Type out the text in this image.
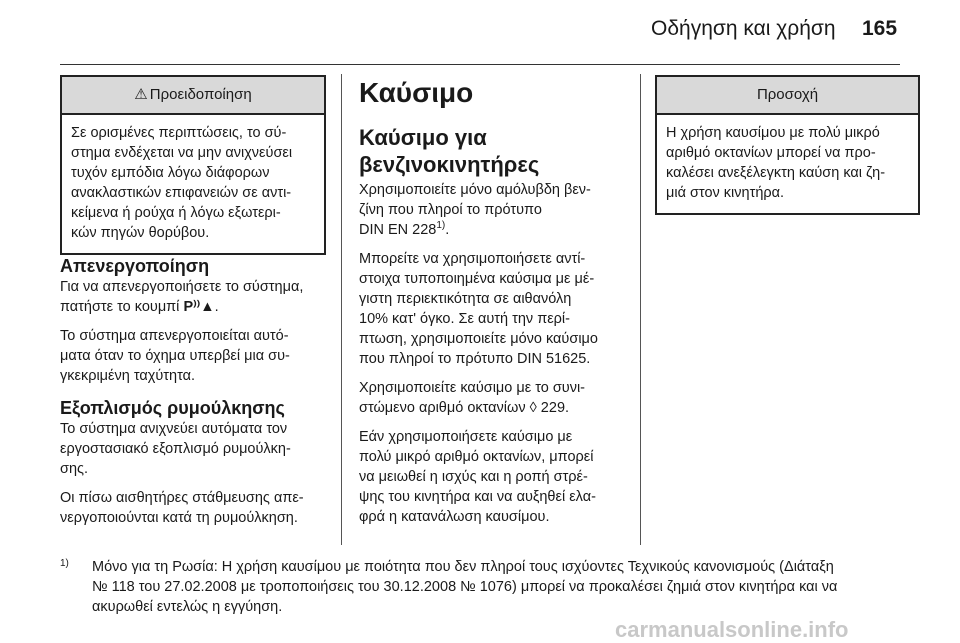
Οδήγηση και χρήση 165
⚠ Προειδοποίηση
Σε ορισμένες περιπτώσεις, το σύ-
στημα ενδέχεται να μην ανιχνεύσει
τυχόν εμπόδια λόγω διάφορων
ανακλαστικών επιφανειών σε αντι-
κείμενα ή ρούχα ή λόγω εξωτερι-
κών πηγών θορύβου.
Απενεργοποίηση

Για να απενεργοποιήσετε το σύστημα,
πατήστε το κουμπί P⁾⁾▲.

Το σύστημα απενεργοποιείται αυτό-
ματα όταν το όχημα υπερβεί μια συ-
γκεκριμένη ταχύτητα.

Εξοπλισμός ρυμούλκησης

Το σύστημα ανιχνεύει αυτόματα τον
εργοστασιακό εξοπλισμό ρυμούλκη-
σης.

Οι πίσω αισθητήρες στάθμευσης απε-
νεργοποιούνται κατά τη ρυμούλκηση.

Καύσιμο
Καύσιμο για
βενζινοκινητήρες

Χρησιμοποιείτε μόνο αμόλυβδη βεν-
ζίνη που πληροί το πρότυπο
DIN EN 228$^{1)}$.

Μπορείτε να χρησιμοποιήσετε αντί-
στοιχα τυποποιημένα καύσιμα με μέ-
γιστη περιεκτικότητα σε αιθανόλη
10% κατ' όγκο. Σε αυτή την περί-
πτωση, χρησιμοποιείτε μόνο καύσιμο
που πληροί το πρότυπο DIN 51625.

Χρησιμοποιείτε καύσιμο με το συνι-
στώμενο αριθμό οκτανίων ◊ 229.

Εάν χρησιμοποιήσετε καύσιμο με
πολύ μικρό αριθμό οκτανίων, μπορεί
να μειωθεί η ισχύς και η ροπή στρέ-
ψης του κινητήρα και να αυξηθεί ελα-
φρά η κατανάλωση καυσίμου.

Προσοχή
Η χρήση καυσίμου με πολύ μικρό
αριθμό οκτανίων μπορεί να προ-
καλέσει ανεξέλεγκτη καύση και ζη-
μιά στον κινητήρα.
1) Μόνο για τη Ρωσία: Η χρήση καυσίμου με ποιότητα που δεν πληροί τους ισχύοντες Τεχνικούς κανονισμούς (Διάταξη
№ 118 του 27.02.2008 με τροποποιήσεις του 30.12.2008 № 1076) μπορεί να προκαλέσει ζημιά στον κινητήρα και να
ακυρωθεί εντελώς η εγγύηση.
carmanualsonline.info
